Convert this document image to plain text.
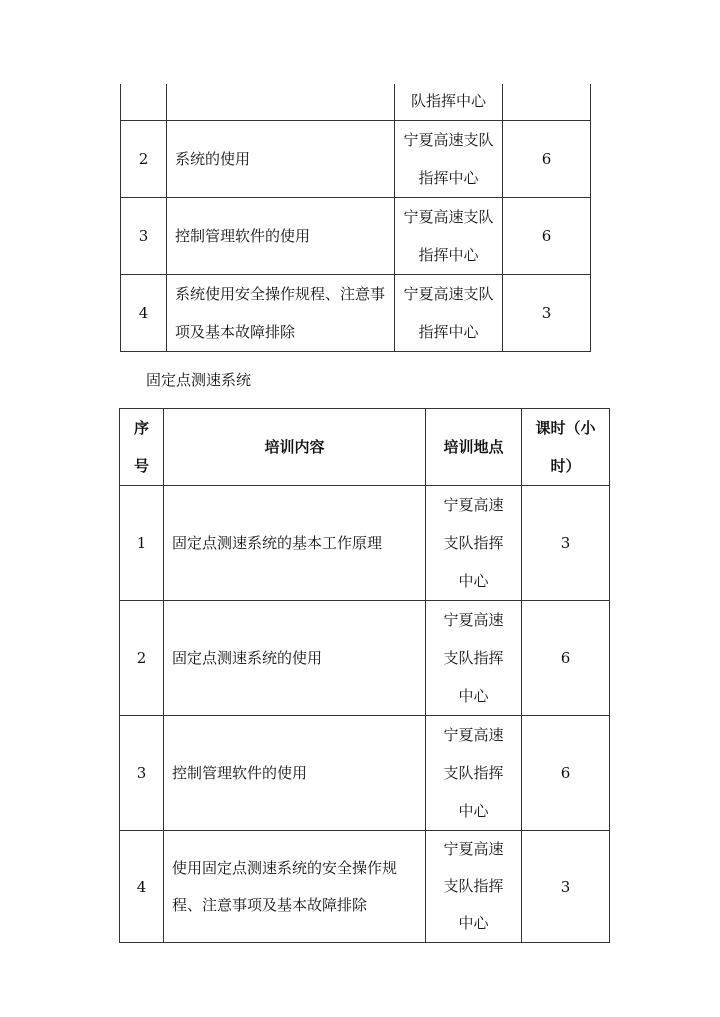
		队指挥中心	
2	系统的使用	宁夏高速支队指挥中心	6
3	控制管理软件的使用	宁夏高速支队指挥中心	6
4	系统使用安全操作规程、注意事项及基本故障排除	宁夏高速支队指挥中心	3
固定点测速系统
序号	培训内容	培训地点	课时（小时）

1	固定点测速系统的基本工作原理	宁夏高速支队指挥中心	3
2	固定点测速系统的使用	宁夏高速支队指挥中心	6
3	控制管理软件的使用	宁夏高速支队指挥中心	6
4	使用固定点测速系统的安全操作规程、注意事项及基本故障排除	宁夏高速支队指挥中心	3
